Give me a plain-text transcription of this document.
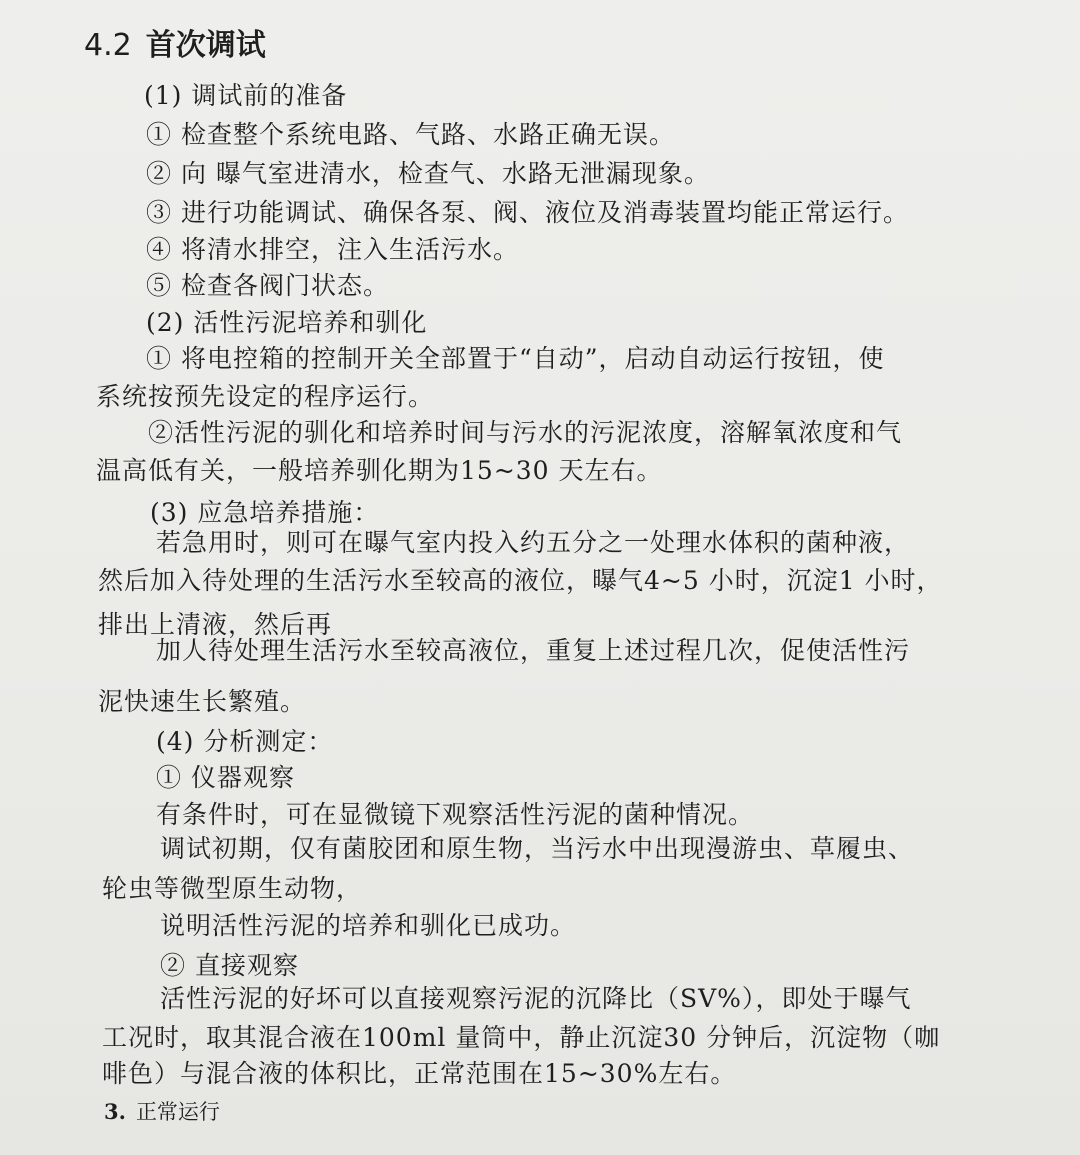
4.2 首次调试
(1) 调试前的准备
① 检查整个系统电路、气路、水路正确无误。
② 向 曝气室进清水，检查气、水路无泄漏现象。
③ 进行功能调试、确保各泵、阀、液位及消毒装置均能正常运行。
④ 将清水排空，注入生活污水。
⑤ 检查各阀门状态。
(2) 活性污泥培养和驯化
① 将电控箱的控制开关全部置于“自动”，启动自动运行按钮，使
系统按预先设定的程序运行。
②活性污泥的驯化和培养时间与污水的污泥浓度，溶解氧浓度和气
温高低有关，一般培养驯化期为15~30 天左右。
(3) 应急培养措施：
若急用时，则可在曝气室内投入约五分之一处理水体积的菌种液，
然后加入待处理的生活污水至较高的液位，曝气4~5 小时，沉淀1 小时，
排出上清液，然后再
加人待处理生活污水至较高液位，重复上述过程几次，促使活性污
泥快速生长繁殖。
(4) 分析测定：
① 仪器观察
有条件时，可在显微镜下观察活性污泥的菌种情况。
调试初期，仅有菌胶团和原生物，当污水中出现漫游虫、草履虫、
轮虫等微型原生动物，
说明活性污泥的培养和驯化已成功。
② 直接观察
活性污泥的好坏可以直接观察污泥的沉降比（SV%），即处于曝气
工况时，取其混合液在100ml 量筒中，静止沉淀30 分钟后，沉淀物（咖
啡色）与混合液的体积比，正常范围在15~30%左右。
3. 正常运行
